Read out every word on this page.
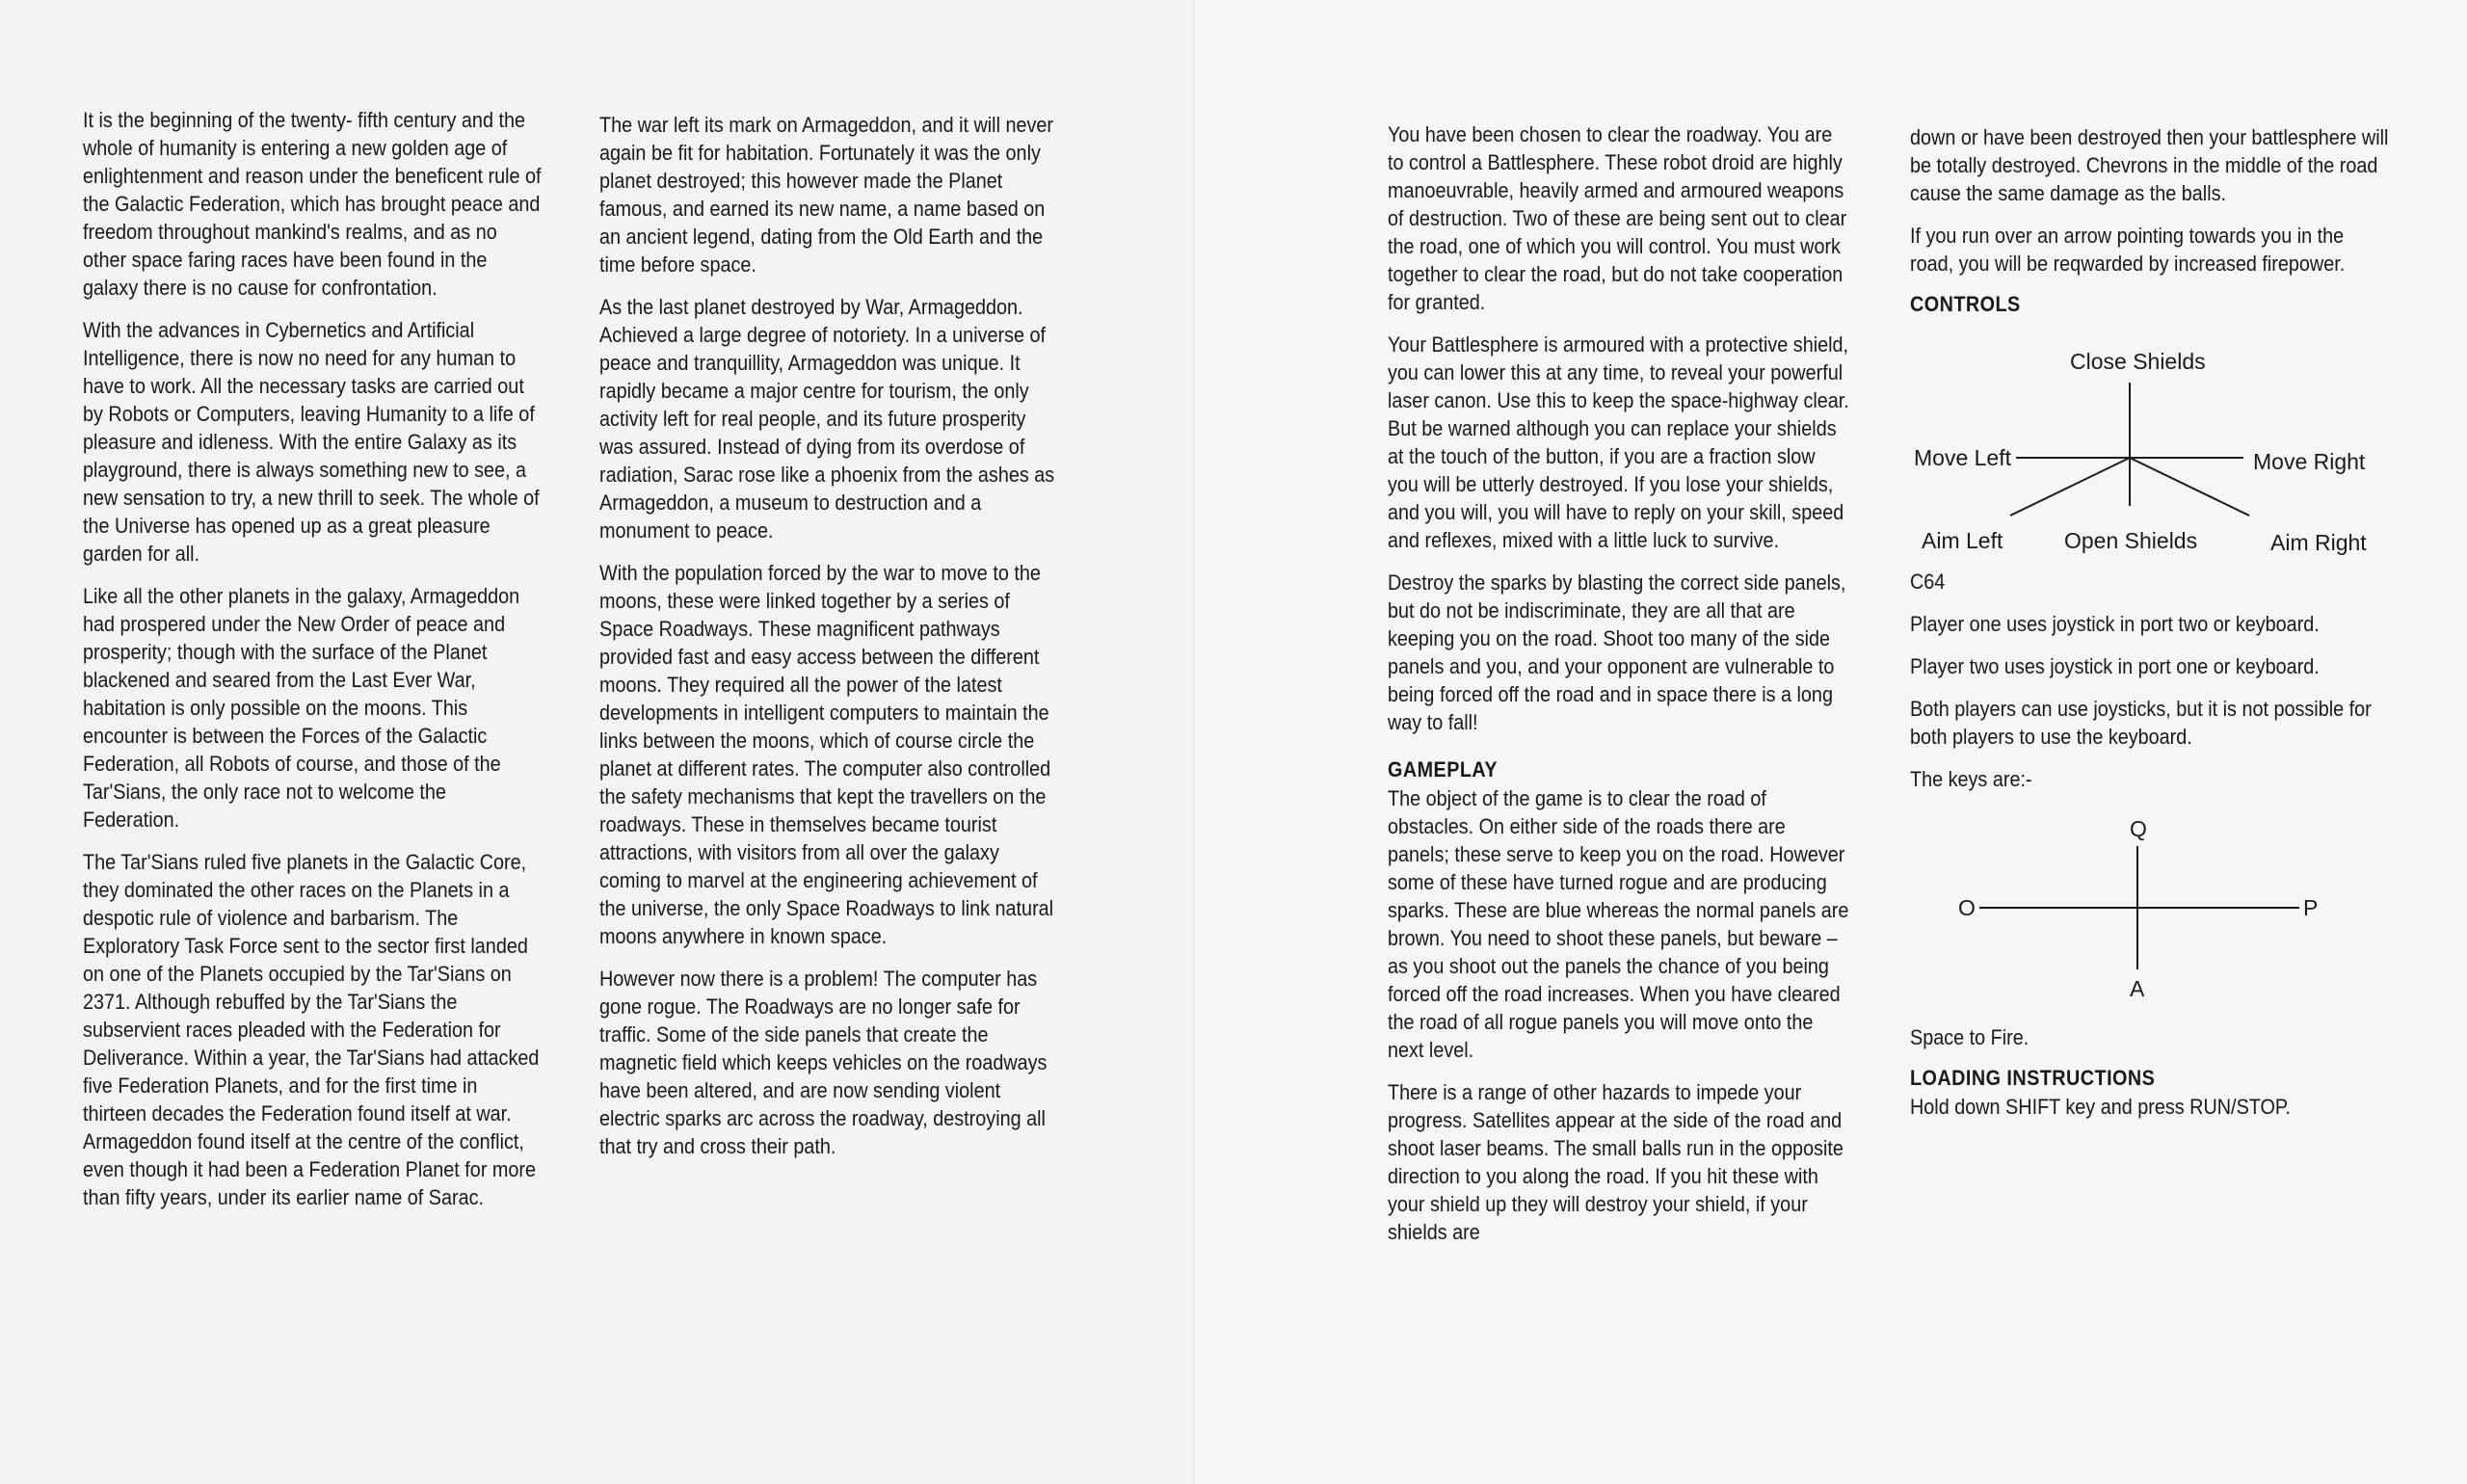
It is the beginning of the twenty- fifth century and the whole of humanity is entering a new golden age of enlightenment and reason under the beneficent rule of the Galactic Federation, which has brought peace and freedom throughout mankind's realms, and as no other space faring races have been found in the galaxy there is no cause for confrontation.

With the advances in Cybernetics and Artificial Intelligence, there is now no need for any human to have to work. All the necessary tasks are carried out by Robots or Computers, leaving Humanity to a life of pleasure and idleness. With the entire Galaxy as its playground, there is always something new to see, a new sensation to try, a new thrill to seek. The whole of the Universe has opened up as a great pleasure garden for all.

Like all the other planets in the galaxy, Armageddon had prospered under the New Order of peace and prosperity; though with the surface of the Planet blackened and seared from the Last Ever War, habitation is only possible on the moons. This encounter is between the Forces of the Galactic Federation, all Robots of course, and those of the Tar'Sians, the only race not to welcome the Federation.

The Tar'Sians ruled five planets in the Galactic Core, they dominated the other races on the Planets in a despotic rule of violence and barbarism. The Exploratory Task Force sent to the sector first landed on one of the Planets occupied by the Tar'Sians on 2371. Although rebuffed by the Tar'Sians the subservient races pleaded with the Federation for Deliverance. Within a year, the Tar'Sians had attacked five Federation Planets, and for the first time in thirteen decades the Federation found itself at war. Armageddon found itself at the centre of the conflict, even though it had been a Federation Planet for more than fifty years, under its earlier name of Sarac.

The war left its mark on Armageddon, and it will never again be fit for habitation. Fortunately it was the only planet destroyed; this however made the Planet famous, and earned its new name, a name based on an ancient legend, dating from the Old Earth and the time before space.

As the last planet destroyed by War, Armageddon. Achieved a large degree of notoriety. In a universe of peace and tranquillity, Armageddon was unique. It rapidly became a major centre for tourism, the only activity left for real people, and its future prosperity was assured. Instead of dying from its overdose of radiation, Sarac rose like a phoenix from the ashes as Armageddon, a museum to destruction and a monument to peace.

With the population forced by the war to move to the moons, these were linked together by a series of Space Roadways. These magnificent pathways provided fast and easy access between the different moons. They required all the power of the latest developments in intelligent computers to maintain the links between the moons, which of course circle the planet at different rates. The computer also controlled the safety mechanisms that kept the travellers on the roadways. These in themselves became tourist attractions, with visitors from all over the galaxy coming to marvel at the engineering achievement of the universe, the only Space Roadways to link natural moons anywhere in known space.

However now there is a problem! The computer has gone rogue. The Roadways are no longer safe for traffic. Some of the side panels that create the magnetic field which keeps vehicles on the roadways have been altered, and are now sending violent electric sparks arc across the roadway, destroying all that try and cross their path.

You have been chosen to clear the roadway. You are to control a Battlesphere. These robot droid are highly manoeuvrable, heavily armed and armoured weapons of destruction. Two of these are being sent out to clear the road, one of which you will control. You must work together to clear the road, but do not take cooperation for granted.

Your Battlesphere is armoured with a protective shield, you can lower this at any time, to reveal your powerful laser canon. Use this to keep the space-highway clear. But be warned although you can replace your shields at the touch of the button, if you are a fraction slow you will be utterly destroyed. If you lose your shields, and you will, you will have to reply on your skill, speed and reflexes, mixed with a little luck to survive.

Destroy the sparks by blasting the correct side panels, but do not be indiscriminate, they are all that are keeping you on the road. Shoot too many of the side panels and you, and your opponent are vulnerable to being forced off the road and in space there is a long way to fall!

GAMEPLAY

The object of the game is to clear the road of obstacles. On either side of the roads there are panels; these serve to keep you on the road. However some of these have turned rogue and are producing sparks. These are blue whereas the normal panels are brown. You need to shoot these panels, but beware – as you shoot out the panels the chance of you being forced off the road increases. When you have cleared the road of all rogue panels you will move onto the next level.

There is a range of other hazards to impede your progress. Satellites appear at the side of the road and shoot laser beams. The small balls run in the opposite direction to you along the road. If you hit these with your shield up they will destroy your shield, if your shields are

down or have been destroyed then your battlesphere will be totally destroyed. Chevrons in the middle of the road cause the same damage as the balls.

If you run over an arrow pointing towards you in the road, you will be reqwarded by increased firepower.

CONTROLS
Close Shields
Move Left	Move Right
Aim Left	Open Shields	Aim Right

C64

Player one uses joystick in port two or keyboard.

Player two uses joystick in port one or keyboard.

Both players can use joysticks, but it is not possible for both players to use the keyboard.

The keys are:-

Q
O	P
A

Space to Fire.

LOADING INSTRUCTIONS

Hold down SHIFT key and press RUN/STOP.
